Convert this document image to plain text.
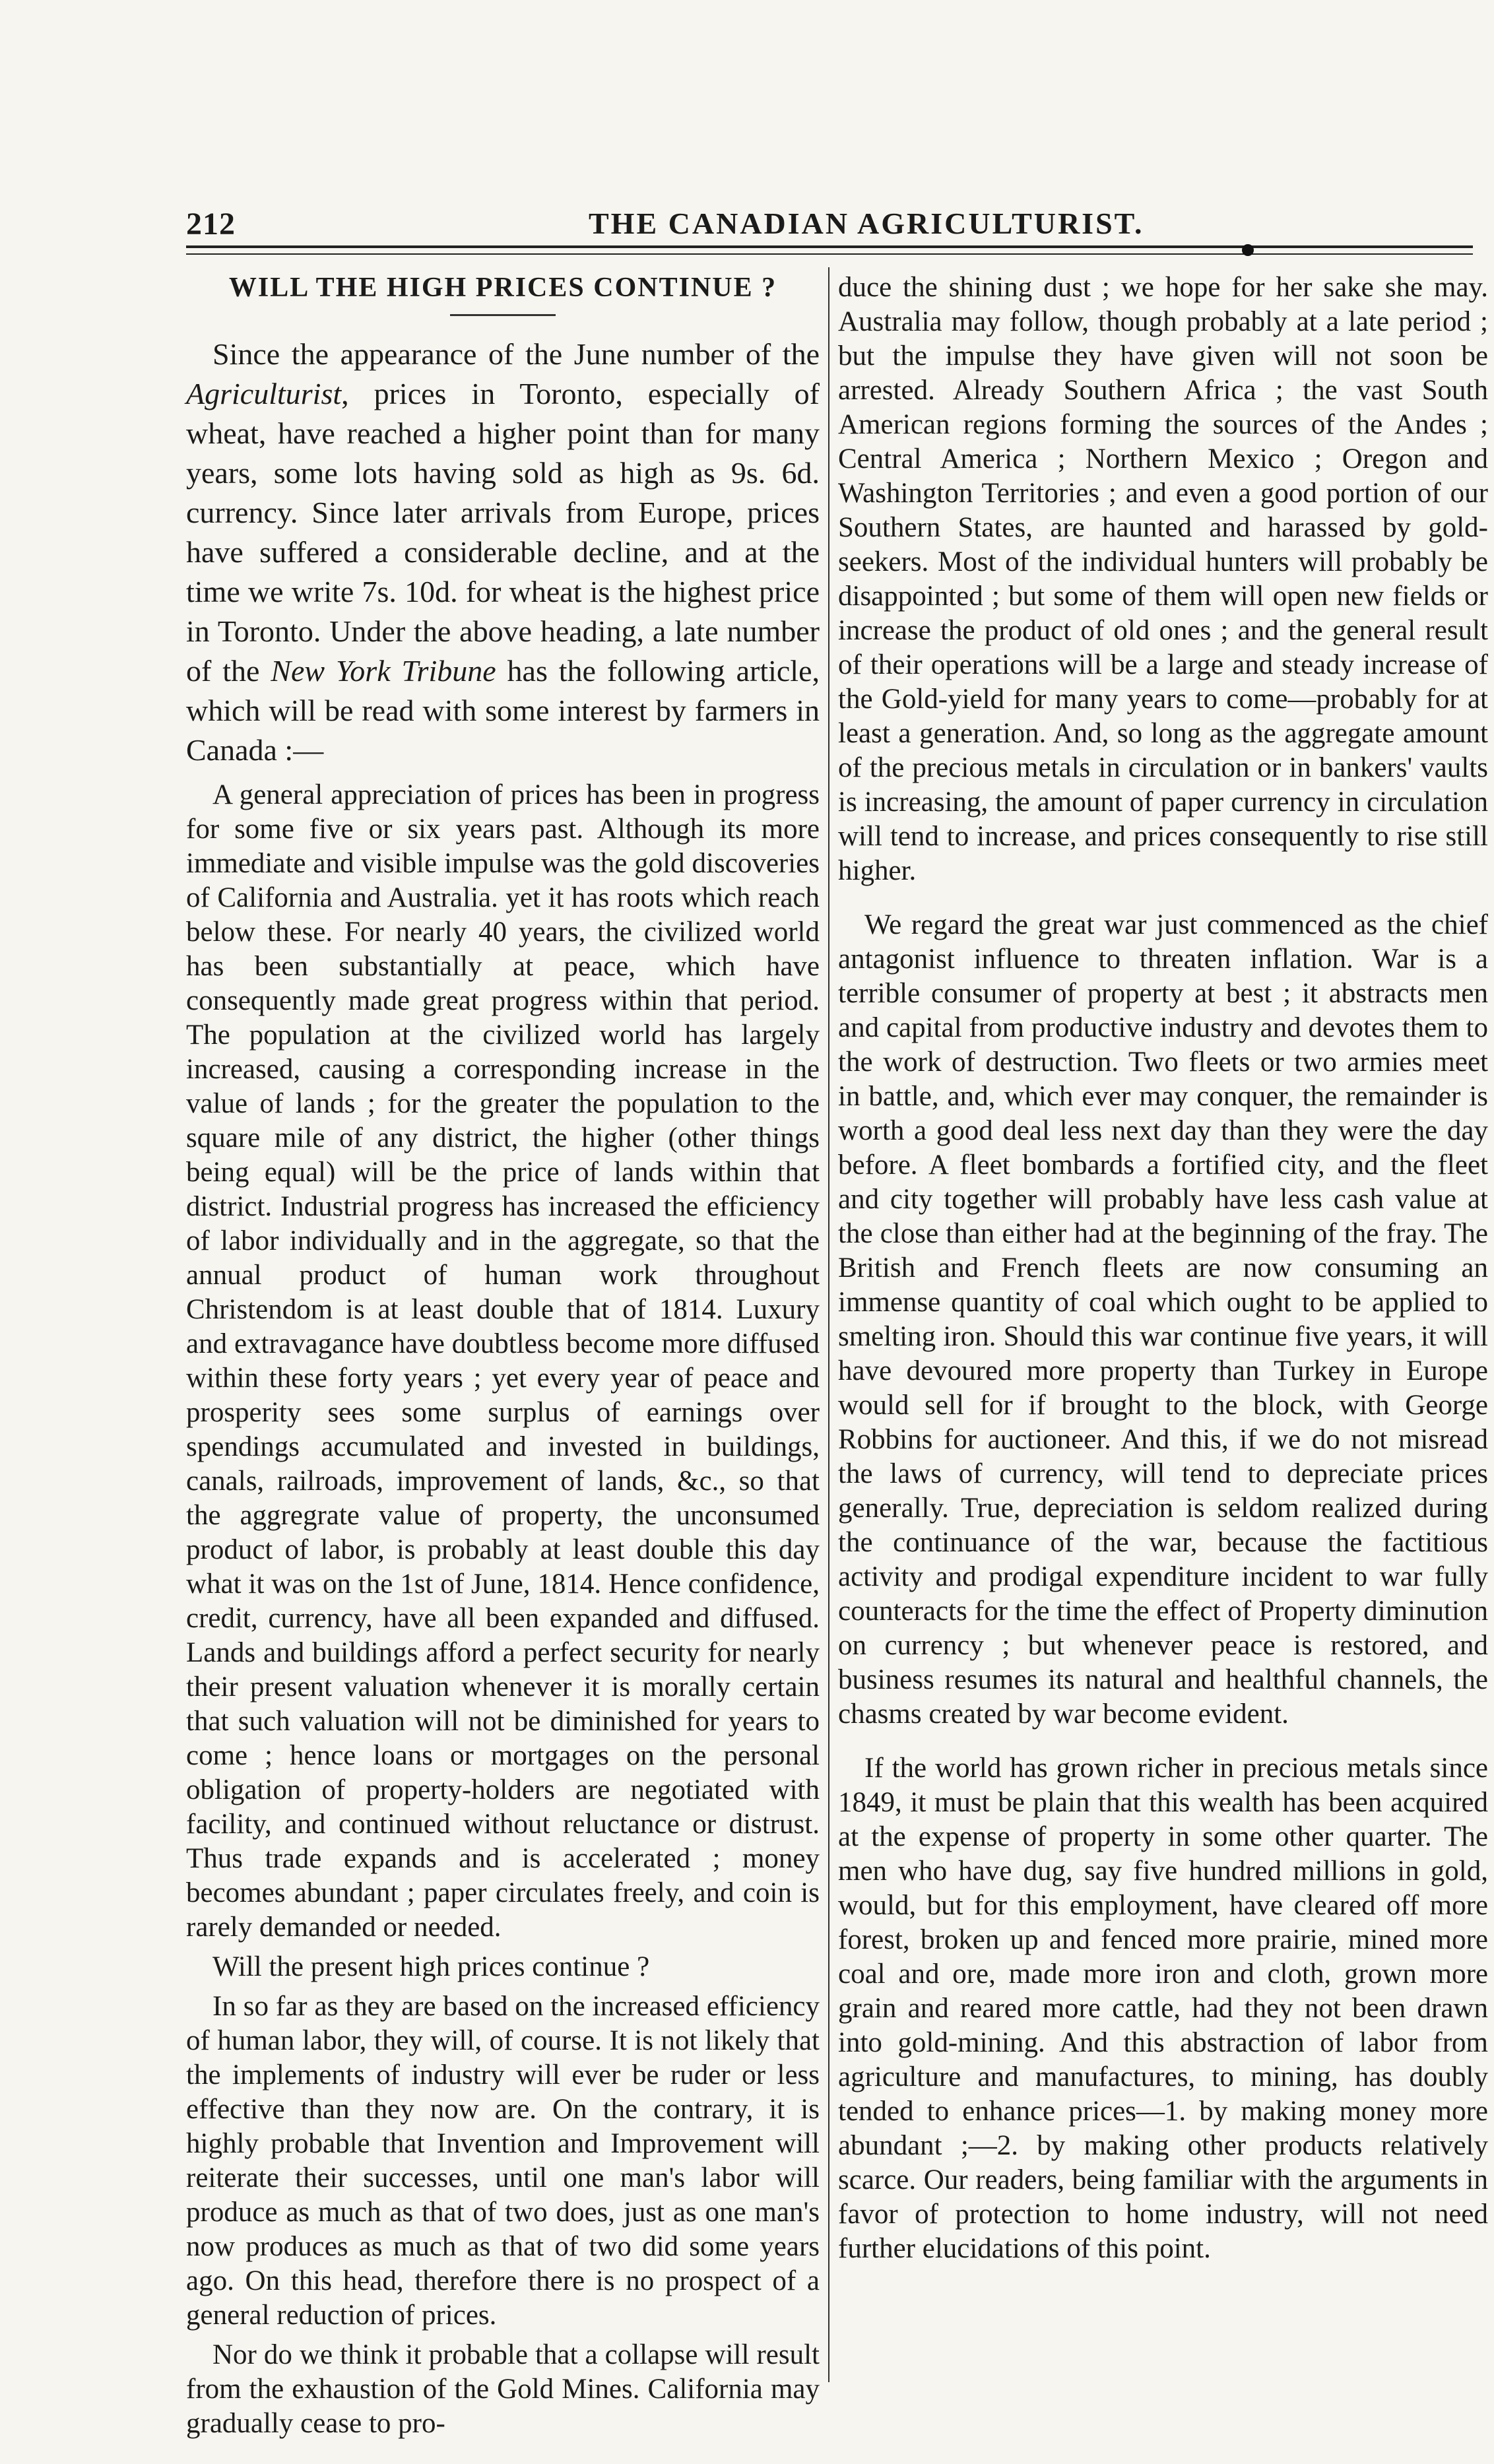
212	THE CANADIAN AGRICULTURIST.
WILL THE HIGH PRICES CONTINUE ?

Since the appearance of the June number of the Agriculturist, prices in Toronto, especially of wheat, have reached a higher point than for many years, some lots having sold as high as 9s. 6d. currency. Since later arrivals from Europe, prices have suffered a considerable decline, and at the time we write 7s. 10d. for wheat is the highest price in Toronto. Under the above heading, a late number of the New York Tribune has the following article, which will be read with some interest by farmers in Canada :—

A general appreciation of prices has been in progress for some five or six years past. Although its more immediate and visible impulse was the gold discoveries of California and Australia. yet it has roots which reach below these. For nearly 40 years, the civilized world has been substantially at peace, which have consequently made great progress within that period. The population at the civilized world has largely increased, causing a corresponding increase in the value of lands ; for the greater the population to the square mile of any district, the higher (other things being equal) will be the price of lands within that district. Industrial progress has increased the efficiency of labor individually and in the aggregate, so that the annual product of human work throughout Christendom is at least double that of 1814. Luxury and extravagance have doubtless become more diffused within these forty years ; yet every year of peace and prosperity sees some surplus of earnings over spendings accumulated and invested in buildings, canals, railroads, improvement of lands, &c., so that the aggregrate value of property, the unconsumed product of labor, is probably at least double this day what it was on the 1st of June, 1814. Hence confidence, credit, currency, have all been expanded and diffused. Lands and buildings afford a perfect security for nearly their present valuation whenever it is morally certain that such valuation will not be diminished for years to come ; hence loans or mortgages on the personal obligation of property-holders are negotiated with facility, and continued without reluctance or distrust. Thus trade expands and is accelerated ; money becomes abundant ; paper circulates freely, and coin is rarely demanded or needed.

Will the present high prices continue ?

In so far as they are based on the increased efficiency of human labor, they will, of course. It is not likely that the implements of industry will ever be ruder or less effective than they now are. On the contrary, it is highly probable that Invention and Improvement will reiterate their successes, until one man's labor will produce as much as that of two does, just as one man's now produces as much as that of two did some years ago. On this head, therefore there is no prospect of a general reduction of prices.

Nor do we think it probable that a collapse will result from the exhaustion of the Gold Mines. California may gradually cease to pro-

duce the shining dust ; we hope for her sake she may. Australia may follow, though probably at a late period ; but the impulse they have given will not soon be arrested. Already Southern Africa ; the vast South American regions forming the sources of the Andes ; Central America ; Northern Mexico ; Oregon and Washington Territories ; and even a good portion of our Southern States, are haunted and harassed by gold-seekers. Most of the individual hunters will probably be disappointed ; but some of them will open new fields or increase the product of old ones ; and the general result of their operations will be a large and steady increase of the Gold-yield for many years to come—probably for at least a generation. And, so long as the aggregate amount of the precious metals in circulation or in bankers' vaults is increasing, the amount of paper currency in circulation will tend to increase, and prices consequently to rise still higher.

We regard the great war just commenced as the chief antagonist influence to threaten inflation. War is a terrible consumer of property at best ; it abstracts men and capital from productive industry and devotes them to the work of destruction. Two fleets or two armies meet in battle, and, which ever may conquer, the remainder is worth a good deal less next day than they were the day before. A fleet bombards a fortified city, and the fleet and city together will probably have less cash value at the close than either had at the beginning of the fray. The British and French fleets are now consuming an immense quantity of coal which ought to be applied to smelting iron. Should this war continue five years, it will have devoured more property than Turkey in Europe would sell for if brought to the block, with George Robbins for auctioneer. And this, if we do not misread the laws of currency, will tend to depreciate prices generally. True, depreciation is seldom realized during the continuance of the war, because the factitious activity and prodigal expenditure incident to war fully counteracts for the time the effect of Property diminution on currency ; but whenever peace is restored, and business resumes its natural and healthful channels, the chasms created by war become evident.

If the world has grown richer in precious metals since 1849, it must be plain that this wealth has been acquired at the expense of property in some other quarter. The men who have dug, say five hundred millions in gold, would, but for this employment, have cleared off more forest, broken up and fenced more prairie, mined more coal and ore, made more iron and cloth, grown more grain and reared more cattle, had they not been drawn into gold-mining. And this abstraction of labor from agriculture and manufactures, to mining, has doubly tended to enhance prices—1. by making money more abundant ;—2. by making other products relatively scarce. Our readers, being familiar with the arguments in favor of protection to home industry, will not need further elucidations of this point.
